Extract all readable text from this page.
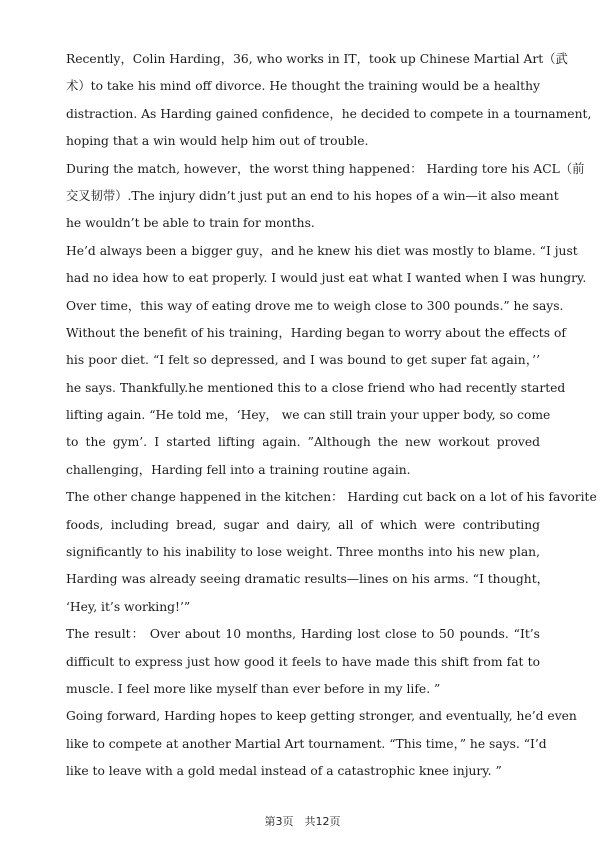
Recently，Colin Harding，36, who works in IT，took up Chinese Martial Art（武
术）to take his mind off divorce. He thought the training would be a healthy
distraction. As Harding gained confidence，he decided to compete in a tournament,
hoping that a win would help him out of trouble.
During the match, however，the worst thing happened： Harding tore his ACL（前
交叉韧带）.The injury didn’t just put an end to his hopes of a win—it also meant
he wouldn’t be able to train for months.
He’d always been a bigger guy，and he knew his diet was mostly to blame. “I just
had no idea how to eat properly. I would just eat what I wanted when I was hungry.
Over time，this way of eating drove me to weigh close to 300 pounds.” he says.
Without the benefit of his training，Harding began to worry about the effects of
his poor diet. “I felt so depressed, and I was bound to get super fat again，’’
he says. Thankfully.he mentioned this to a close friend who had recently started
lifting again. “He told me，‘Hey， we can still train your upper body, so come
to the gym’. I started lifting again. ”Although the new workout proved
challenging，Harding fell into a training routine again.
The other change happened in the kitchen： Harding cut back on a lot of his favorite
foods, including bread, sugar and dairy, all of which were contributing
significantly to his inability to lose weight. Three months into his new plan,
Harding was already seeing dramatic results—lines on his arms. “I thought，
‘Hey, it’s working!’”
The result： Over about 10 months, Harding lost close to 50 pounds. “It’s
difficult to express just how good it feels to have made this shift from fat to
muscle. I feel more like myself than ever before in my life. ”
Going forward, Harding hopes to keep getting stronger, and eventually, he’d even
like to compete at another Martial Art tournament. “This time，” he says. “I’d
like to leave with a gold medal instead of a catastrophic knee injury. ”
第3页　共12页
